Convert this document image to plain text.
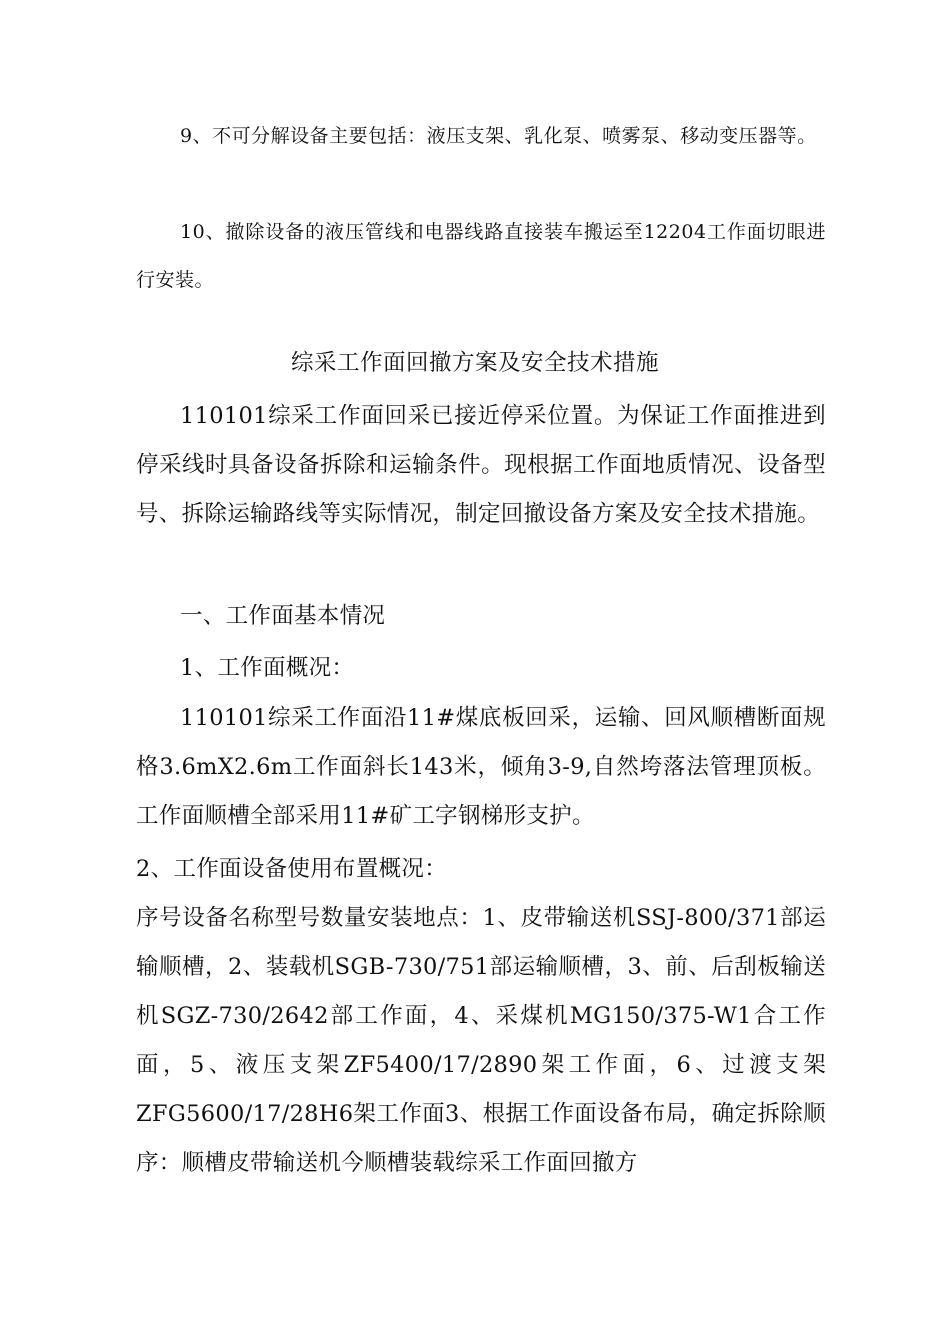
9、不可分解设备主要包括：液压支架、乳化泵、喷雾泵、移动变压器等。

10、撤除设备的液压管线和电器线路直接装车搬运至12204工作面切眼进行安装。

综采工作面回撤方案及安全技术措施

110101综采工作面回采已接近停采位置。为保证工作面推进到停采线时具备设备拆除和运输条件。现根据工作面地质情况、设备型号、拆除运输路线等实际情况，制定回撤设备方案及安全技术措施。

一、工作面基本情况

1、工作面概况：

110101综采工作面沿11#煤底板回采，运输、回风顺槽断面规格3.6mX2.6m工作面斜长143米，倾角3-9,自然垮落法管理顶板。工作面顺槽全部采用11#矿工字钢梯形支护。

2、工作面设备使用布置概况：

序号设备名称型号数量安装地点：1、皮带输送机SSJ-800/371部运输顺槽，2、装载机SGB-730/751部运输顺槽，3、前、后刮板输送机SGZ-730/2642部工作面，4、采煤机MG150/375-W1合工作面，5、液压支架ZF5400/17/2890架工作面，6、过渡支架ZFG5600/17/28H6架工作面3、根据工作面设备布局，确定拆除顺序：顺槽皮带输送机今顺槽装载综采工作面回撤方
